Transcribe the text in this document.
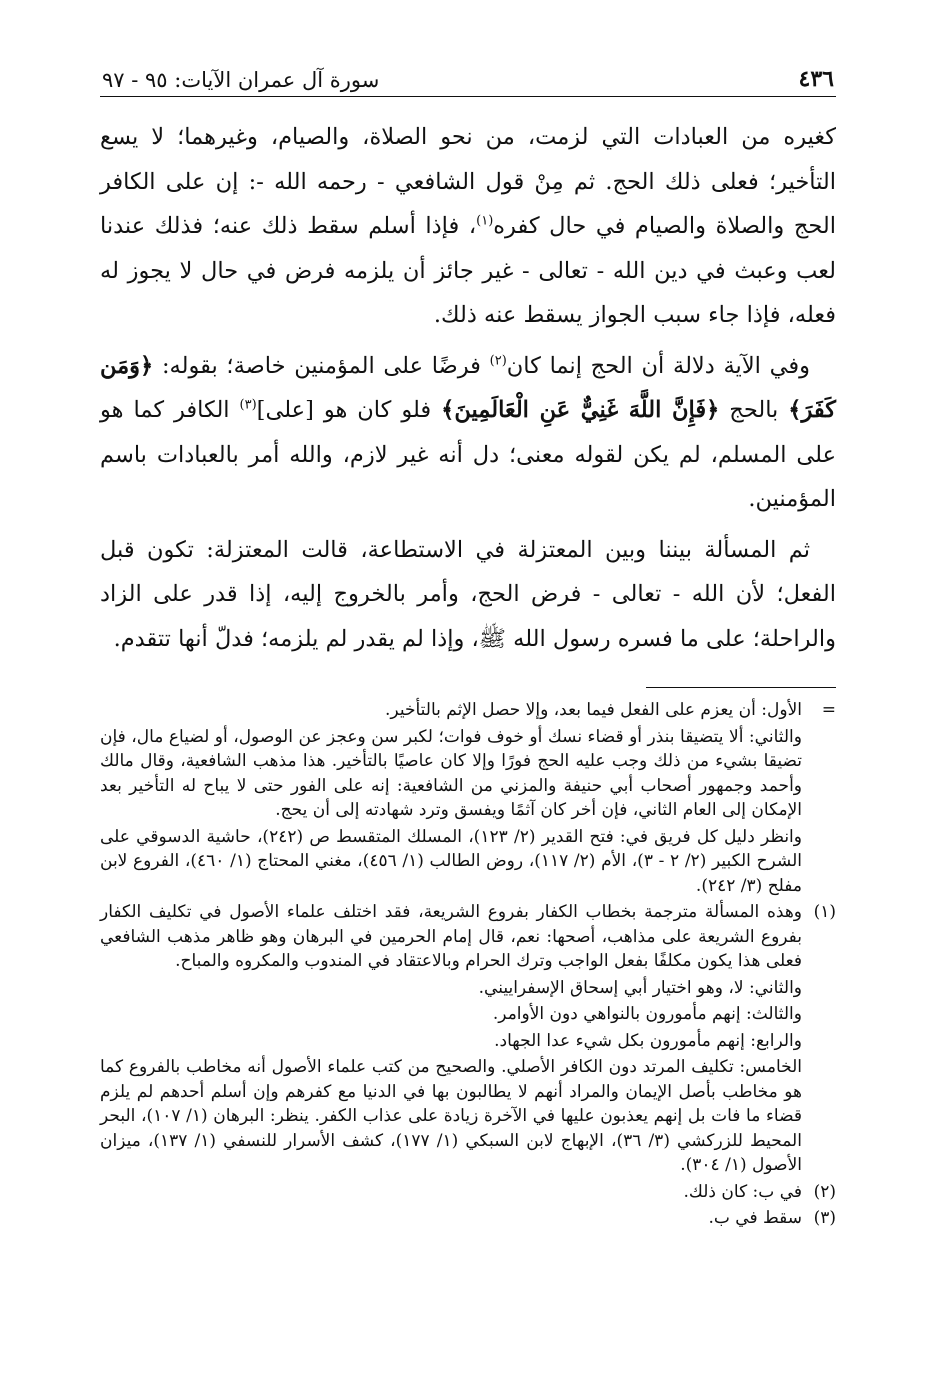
٤٣٦
سورة آل عمران الآيات: ٩٥ - ٩٧

كغيره من العبادات التي لزمت، من نحو الصلاة، والصيام، وغيرهما؛ لا يسع التأخير؛ فعلى ذلك الحج. ثم مِنْ قول الشافعي - رحمه الله -: إن على الكافر الحج والصلاة والصيام في حال كفره$^{(١)}$، فإذا أسلم سقط ذلك عنه؛ فذلك عندنا لعب وعبث في دين الله - تعالى - غير جائز أن يلزمه فرض في حال لا يجوز له فعله، فإذا جاء سبب الجواز يسقط عنه ذلك.

وفي الآية دلالة أن الحج إنما كان$^{(٢)}$ فرضًا على المؤمنين خاصة؛ بقوله: ﴿وَمَن كَفَرَ﴾ بالحج ﴿فَإِنَّ اللَّهَ غَنِيٌّ عَنِ الْعَالَمِينَ﴾ فلو كان هو [على]$^{(٣)}$ الكافر كما هو على المسلم، لم يكن لقوله معنى؛ دل أنه غير لازم، والله أمر بالعبادات باسم المؤمنين.

ثم المسألة بيننا وبين المعتزلة في الاستطاعة، قالت المعتزلة: تكون قبل الفعل؛ لأن الله - تعالى - فرض الحج، وأمر بالخروج إليه، إذا قدر على الزاد والراحلة؛ على ما فسره رسول الله ﷺ، وإذا لم يقدر لم يلزمه؛ فدلّ أنها تتقدم.

=

الأول: أن يعزم على الفعل فيما بعد، وإلا حصل الإثم بالتأخير.

والثاني: ألا يتضيقا بنذر أو قضاء نسك أو خوف فوات؛ لكبر سن وعجز عن الوصول، أو لضياع مال، فإن تضيقا بشيء من ذلك وجب عليه الحج فورًا وإلا كان عاصيًا بالتأخير. هذا مذهب الشافعية، وقال مالك وأحمد وجمهور أصحاب أبي حنيفة والمزني من الشافعية: إنه على الفور حتى لا يباح له التأخير بعد الإمكان إلى العام الثاني، فإن أخر كان آثمًا ويفسق وترد شهادته إلى أن يحج.

وانظر دليل كل فريق في: فتح القدير (٢/ ١٢٣)، المسلك المتقسط ص (٢٤٢)، حاشية الدسوقي على الشرح الكبير (٢/ ٢ - ٣)، الأم (٢/ ١١٧)، روض الطالب (١/ ٤٥٦)، مغني المحتاج (١/ ٤٦٠)، الفروع لابن مفلح (٣/ ٢٤٢).

(١)

وهذه المسألة مترجمة بخطاب الكفار بفروع الشريعة، فقد اختلف علماء الأصول في تكليف الكفار بفروع الشريعة على مذاهب، أصحها: نعم، قال إمام الحرمين في البرهان وهو ظاهر مذهب الشافعي فعلى هذا يكون مكلفًا بفعل الواجب وترك الحرام وبالاعتقاد في المندوب والمكروه والمباح.

والثاني: لا، وهو اختيار أبي إسحاق الإسفراييني.

والثالث: إنهم مأمورون بالنواهي دون الأوامر.

والرابع: إنهم مأمورون بكل شيء عدا الجهاد.

الخامس: تكليف المرتد دون الكافر الأصلي. والصحيح من كتب علماء الأصول أنه مخاطب بالفروع كما هو مخاطب بأصل الإيمان والمراد أنهم لا يطالبون بها في الدنيا مع كفرهم وإن أسلم أحدهم لم يلزم قضاء ما فات بل إنهم يعذبون عليها في الآخرة زيادة على عذاب الكفر. ينظر: البرهان (١/ ١٠٧)، البحر المحيط للزركشي (٣/ ٣٦)، الإبهاج لابن السبكي (١/ ١٧٧)، كشف الأسرار للنسفي (١/ ١٣٧)، ميزان الأصول (١/ ٣٠٤).

(٢)

في ب: كان ذلك.

(٣)

سقط في ب.
